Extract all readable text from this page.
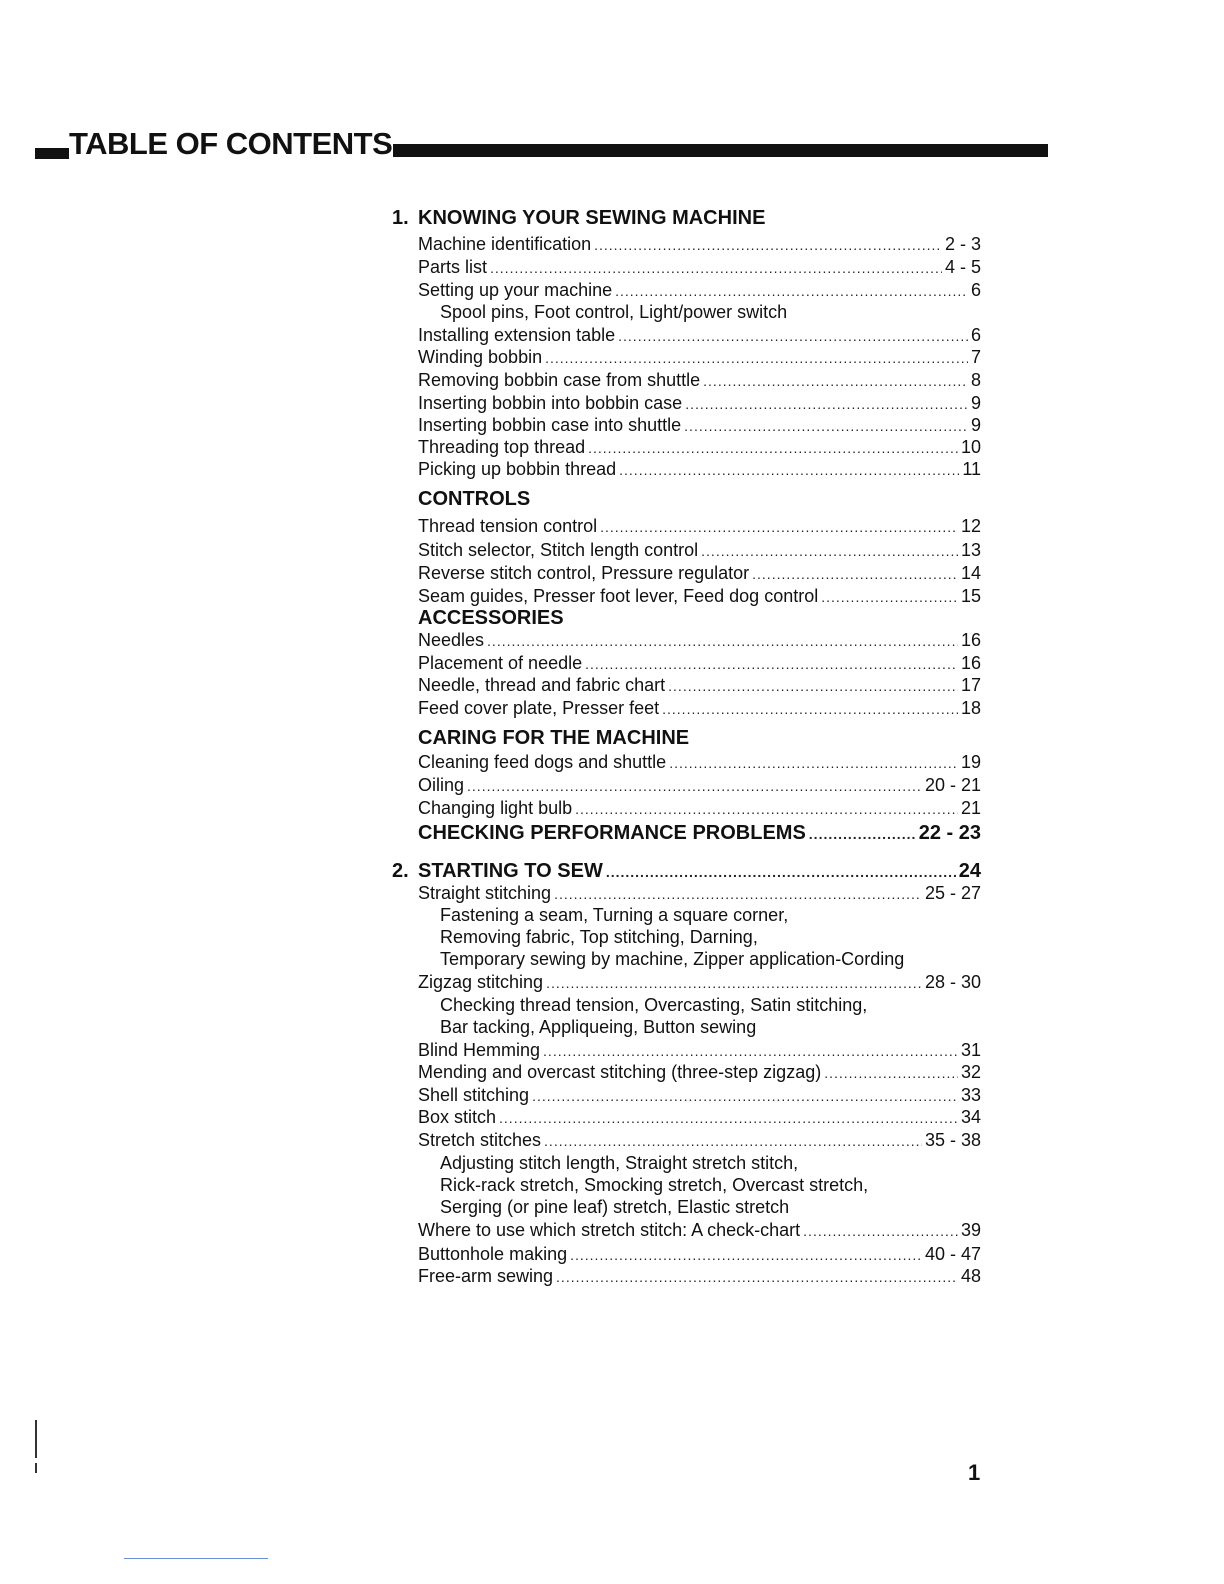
TABLE OF CONTENTS
1. KNOWING YOUR SEWING MACHINE
Machine identification .....	2 - 3
Parts list .....	4 - 5
Setting up your machine .....	6
Spool pins, Foot control, Light/power switch
Installing extension table .....	6
Winding bobbin .....	7
Removing bobbin case from shuttle .....	8
Inserting bobbin into bobbin case .....	9
Inserting bobbin case into shuttle .....	9
Threading top thread .....	10
Picking up bobbin thread .....	11
CONTROLS
Thread tension control .....	12
Stitch selector, Stitch length control .....	13
Reverse stitch control, Pressure regulator .....	14
Seam guides, Presser foot lever, Feed dog control .....	15
ACCESSORIES
Needles .....	16
Placement of needle .....	16
Needle, thread and fabric chart .....	17
Feed cover plate, Presser feet .....	18
CARING FOR THE MACHINE
Cleaning feed dogs and shuttle .....	19
Oiling .....	20 - 21
Changing light bulb .....	21
CHECKING PERFORMANCE PROBLEMS .....	22 - 23
2. STARTING TO SEW .....	24
Straight stitching .....	25 - 27
Fastening a seam, Turning a square corner,
Removing fabric, Top stitching, Darning,
Temporary sewing by machine, Zipper application-Cording
Zigzag stitching .....	28 - 30
Checking thread tension, Overcasting, Satin stitching,
Bar tacking, Appliqueing, Button sewing
Blind Hemming .....	31
Mending and overcast stitching (three-step zigzag) .....	32
Shell stitching .....	33
Box stitch .....	34
Stretch stitches .....	35 - 38
Adjusting stitch length, Straight stretch stitch,
Rick-rack stretch, Smocking stretch, Overcast stretch,
Serging (or pine leaf) stretch, Elastic stretch
Where to use which stretch stitch: A check-chart .....	39
Buttonhole making .....	40 - 47
Free-arm sewing .....	48
1
